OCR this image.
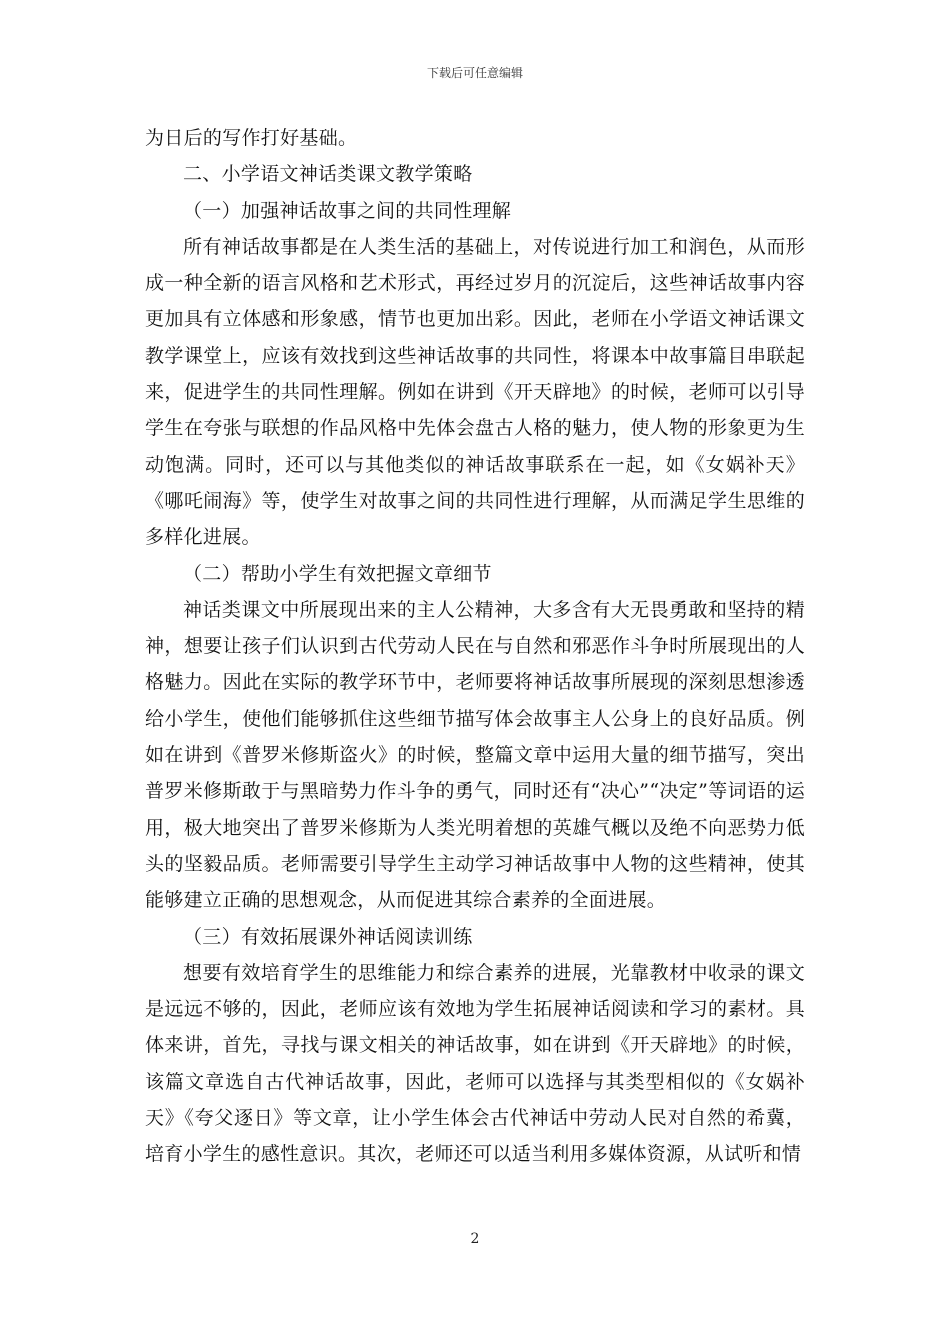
下载后可任意编辑

为日后的写作打好基础。

二、小学语文神话类课文教学策略

（一）加强神话故事之间的共同性理解

所有神话故事都是在人类生活的基础上，对传说进行加工和润色，从而形成一种全新的语言风格和艺术形式，再经过岁月的沉淀后，这些神话故事内容更加具有立体感和形象感，情节也更加出彩。因此，老师在小学语文神话课文教学课堂上，应该有效找到这些神话故事的共同性，将课本中故事篇目串联起来，促进学生的共同性理解。例如在讲到《开天辟地》的时候，老师可以引导学生在夸张与联想的作品风格中先体会盘古人格的魅力，使人物的形象更为生动饱满。同时，还可以与其他类似的神话故事联系在一起，如《女娲补天》《哪吒闹海》等，使学生对故事之间的共同性进行理解，从而满足学生思维的多样化进展。

（二）帮助小学生有效把握文章细节

神话类课文中所展现出来的主人公精神，大多含有大无畏勇敢和坚持的精神，想要让孩子们认识到古代劳动人民在与自然和邪恶作斗争时所展现出的人格魅力。因此在实际的教学环节中，老师要将神话故事所展现的深刻思想渗透给小学生，使他们能够抓住这些细节描写体会故事主人公身上的良好品质。例如在讲到《普罗米修斯盗火》的时候，整篇文章中运用大量的细节描写，突出普罗米修斯敢于与黑暗势力作斗争的勇气，同时还有“决心”“决定”等词语的运用，极大地突出了普罗米修斯为人类光明着想的英雄气概以及绝不向恶势力低头的坚毅品质。老师需要引导学生主动学习神话故事中人物的这些精神，使其能够建立正确的思想观念，从而促进其综合素养的全面进展。

（三）有效拓展课外神话阅读训练

想要有效培育学生的思维能力和综合素养的进展，光靠教材中收录的课文是远远不够的，因此，老师应该有效地为学生拓展神话阅读和学习的素材。具体来讲，首先，寻找与课文相关的神话故事，如在讲到《开天辟地》的时候，该篇文章选自古代神话故事，因此，老师可以选择与其类型相似的《女娲补天》《夸父逐日》等文章，让小学生体会古代神话中劳动人民对自然的希冀，培育小学生的感性意识。其次，老师还可以适当利用多媒体资源，从试听和情

2
